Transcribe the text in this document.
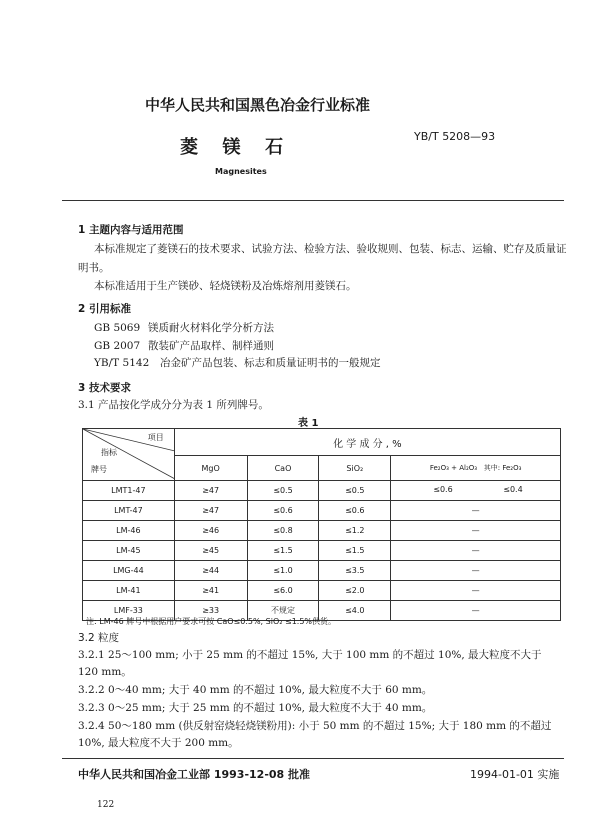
中华人民共和国黑色冶金行业标准
菱  镁  石
YB/T 5208—93
Magnesites
1 主题内容与适用范围
本标准规定了菱镁石的技术要求、试验方法、检验方法、验收规则、包装、标志、运输、贮存及质量证
明书。
本标准适用于生产镁砂、轻烧镁粉及冶炼熔剂用菱镁石。
2 引用标准
GB 5069 镁质耐火材料化学分析方法
GB 2007 散装矿产品取样、制样通则
YB/T 5142 冶金矿产品包装、标志和质量证明书的一般规定
3 技术要求
3.1 产品按化学成分分为表 1 所列牌号。
表 1
项目
指标
牌号	化 学 成 分 , %			
	MgO	CaO	SiO₂	Fe₂O₃ + Al₂O₃   其中: Fe₂O₃
LMT1-47	≥47	≤0.5	≤0.5	≤0.6 ≤0.4

LMT-47	≥47	≤0.6	≤0.6	—
LM-46	≥46	≤0.8	≤1.2	—
LM-45	≥45	≤1.5	≤1.5	—
LMG-44	≥44	≤1.0	≤3.5	—
LM-41	≥41	≤6.0	≤2.0	—
LMF-33	≥33	不规定	≤4.0	—
注: LM-46 牌号中根据用户要求可按 CaO≤0.5%, SiO₂ ≤1.5%供货。
3.2 粒度
3.2.1 25～100 mm; 小于 25 mm 的不超过 15%, 大于 100 mm 的不超过 10%, 最大粒度不大于
120 mm。
3.2.2 0～40 mm; 大于 40 mm 的不超过 10%, 最大粒度不大于 60 mm。
3.2.3 0～25 mm; 大于 25 mm 的不超过 10%, 最大粒度不大于 40 mm。
3.2.4 50～180 mm (供反射窑烧轻烧镁粉用): 小于 50 mm 的不超过 15%; 大于 180 mm 的不超过
10%, 最大粒度不大于 200 mm。
中华人民共和国冶金工业部 1993-12-08 批准	1994-01-01 实施
122
